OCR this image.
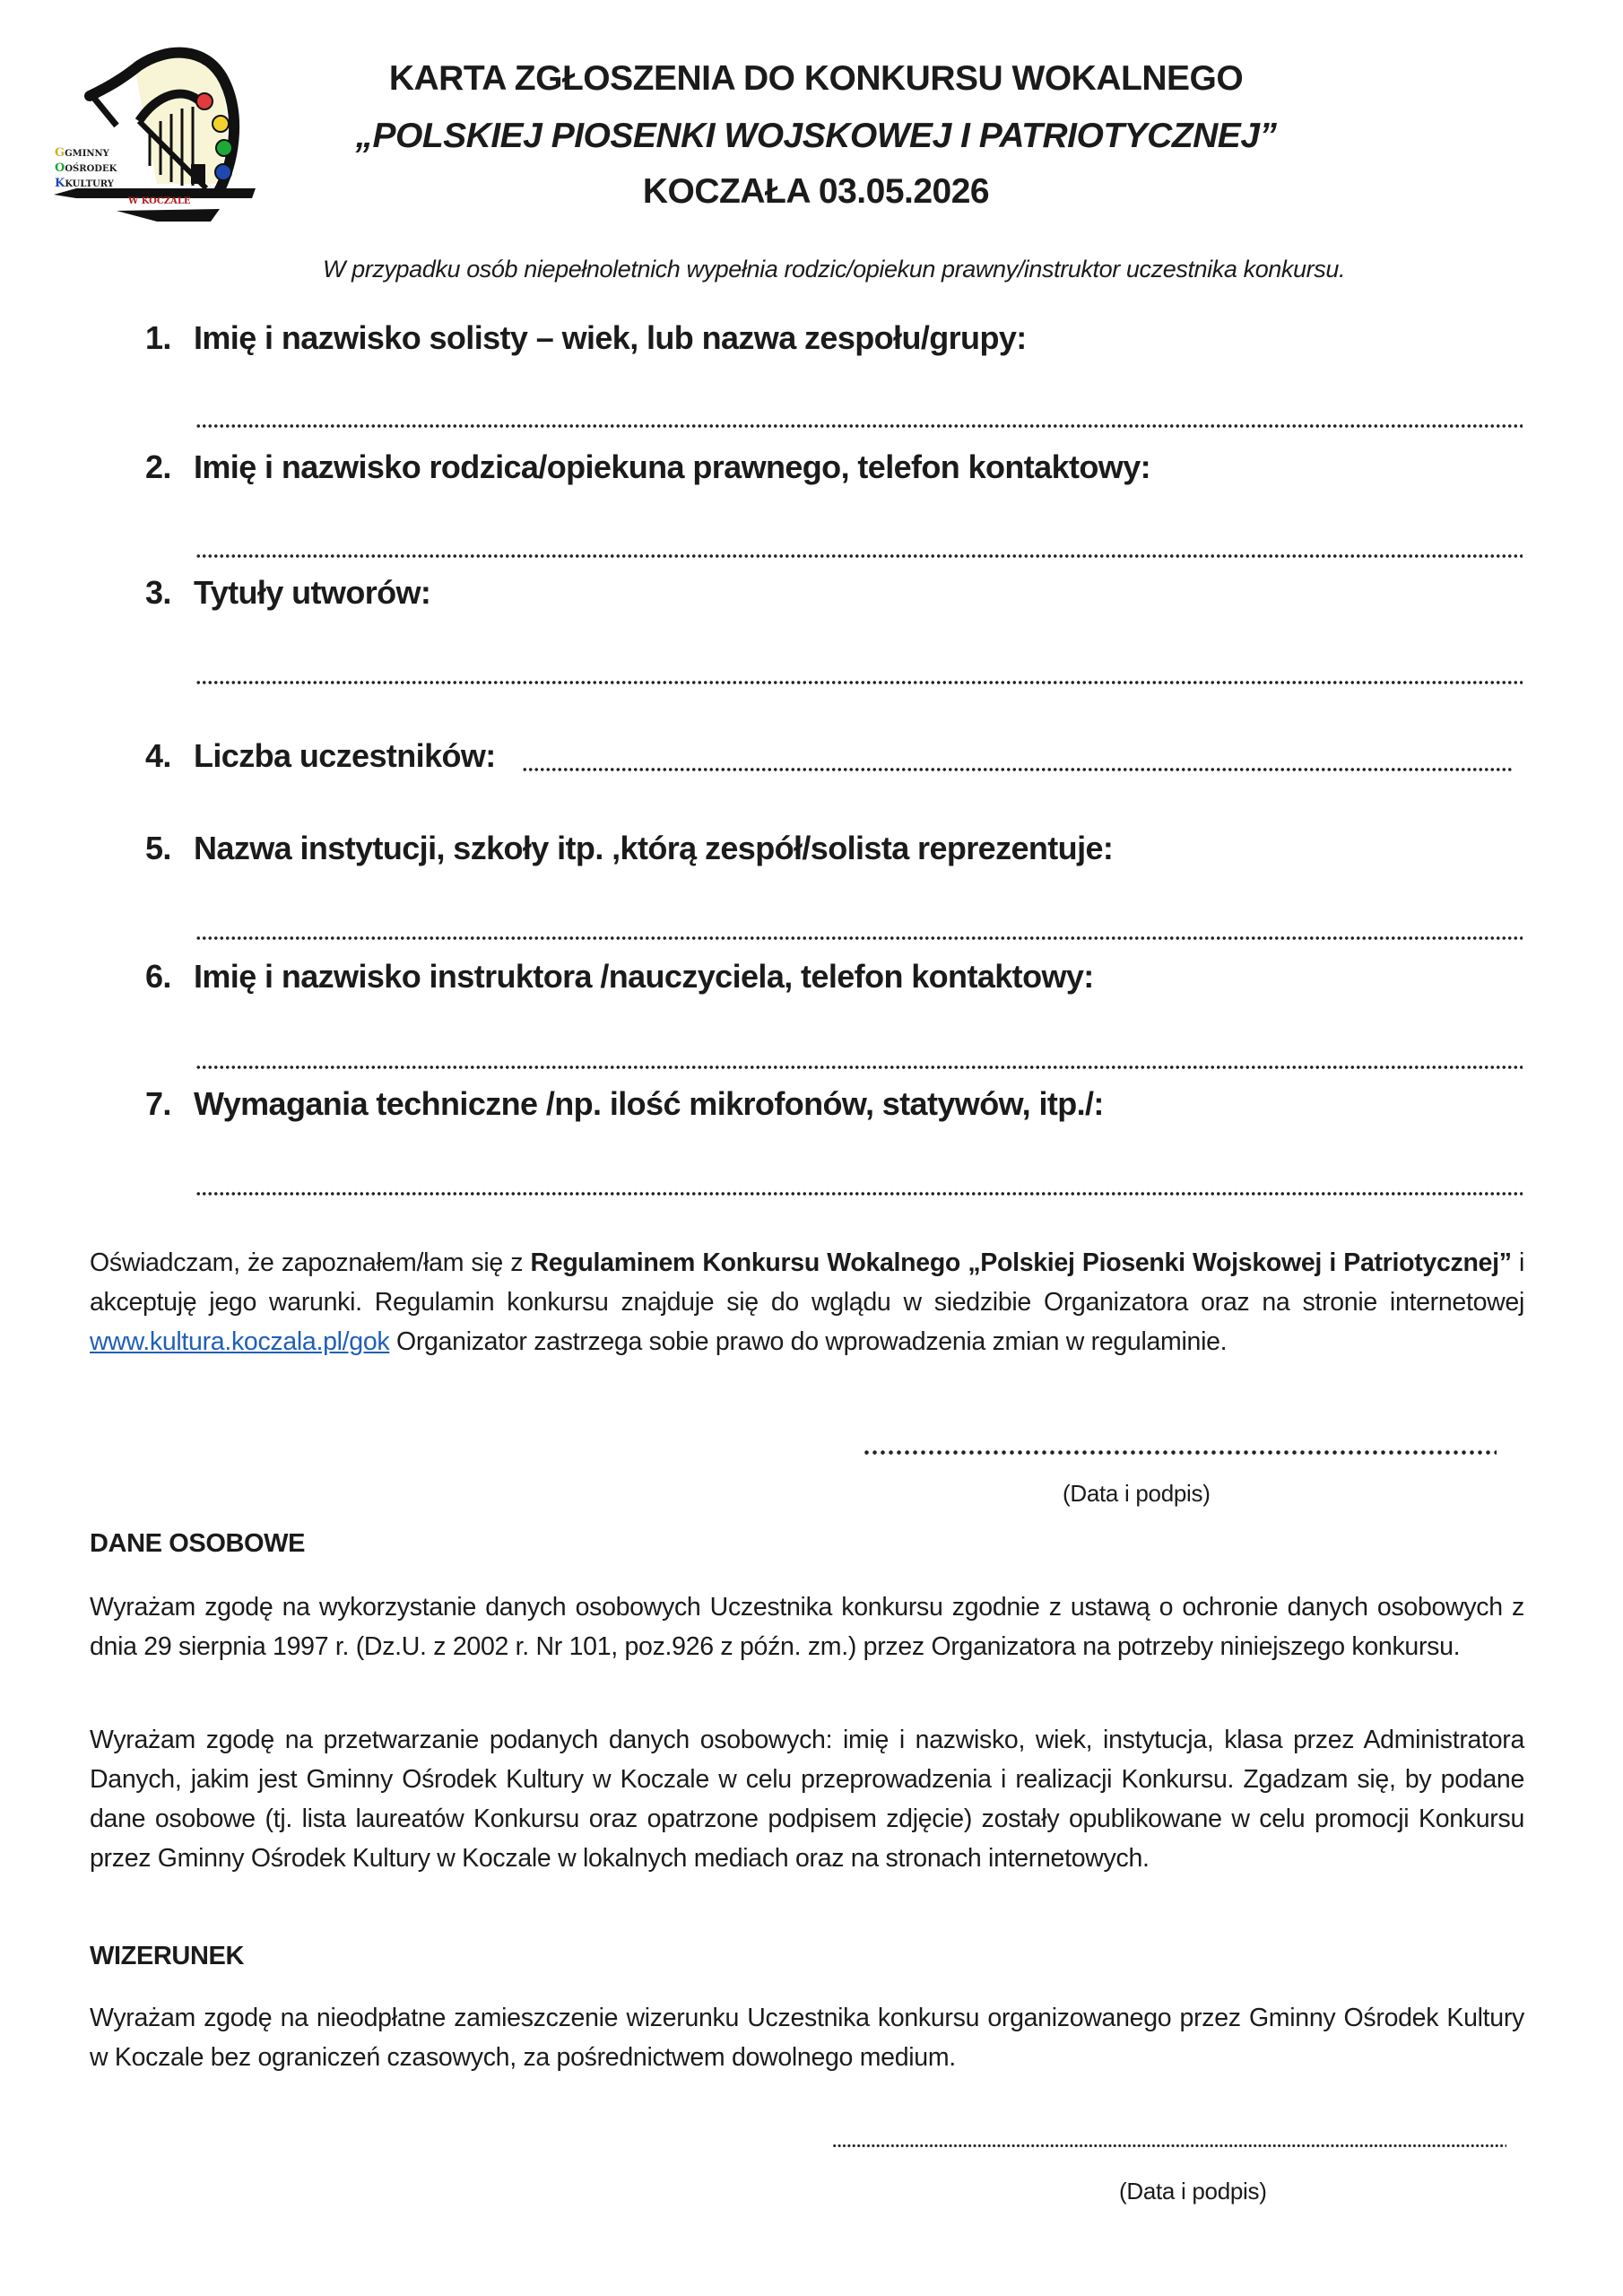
GGMINNY
OOŚRODEK
KKULTURY
W KOCZALE
KARTA ZGŁOSZENIA DO KONKURSU WOKALNEGO
„POLSKIEJ PIOSENKI WOJSKOWEJ I PATRIOTYCZNEJ”
KOCZAŁA 03.05.2026
W przypadku osób niepełnoletnich wypełnia rodzic/opiekun prawny/instruktor uczestnika konkursu.
1. Imię i nazwisko solisty – wiek, lub nazwa zespołu/grupy:
2. Imię i nazwisko rodzica/opiekuna prawnego, telefon kontaktowy:
3. Tytuły utworów:
4. Liczba uczestników:
5. Nazwa instytucji, szkoły itp. ,którą zespół/solista reprezentuje:
6. Imię i nazwisko instruktora /nauczyciela, telefon kontaktowy:
7. Wymagania techniczne /np. ilość mikrofonów, statywów, itp./:
Oświadczam, że zapoznałem/łam się z Regulaminem Konkursu Wokalnego „Polskiej Piosenki Wojskowej i Patriotycznej” i akceptuję jego warunki. Regulamin konkursu znajduje się do wglądu w siedzibie Organizatora oraz na stronie internetowej www.kultura.koczala.pl/gok Organizator zastrzega sobie prawo do wprowadzenia zmian w regulaminie.
(Data i podpis)
DANE OSOBOWE
Wyrażam zgodę na wykorzystanie danych osobowych Uczestnika konkursu zgodnie z ustawą o ochronie danych osobowych z dnia 29 sierpnia 1997 r. (Dz.U. z 2002 r. Nr 101, poz.926 z późn. zm.) przez Organizatora na potrzeby niniejszego konkursu.
Wyrażam zgodę na przetwarzanie podanych danych osobowych: imię i nazwisko, wiek, instytucja, klasa przez Administratora Danych, jakim jest Gminny Ośrodek Kultury w Koczale w celu przeprowadzenia i realizacji Konkursu. Zgadzam się, by podane dane osobowe (tj. lista laureatów Konkursu oraz opatrzone podpisem zdjęcie) zostały opublikowane w celu promocji Konkursu przez Gminny Ośrodek Kultury w Koczale w lokalnych mediach oraz na stronach internetowych.
WIZERUNEK
Wyrażam zgodę na nieodpłatne zamieszczenie wizerunku Uczestnika konkursu organizowanego przez Gminny Ośrodek Kultury w Koczale bez ograniczeń czasowych, za pośrednictwem dowolnego medium.
(Data i podpis)
